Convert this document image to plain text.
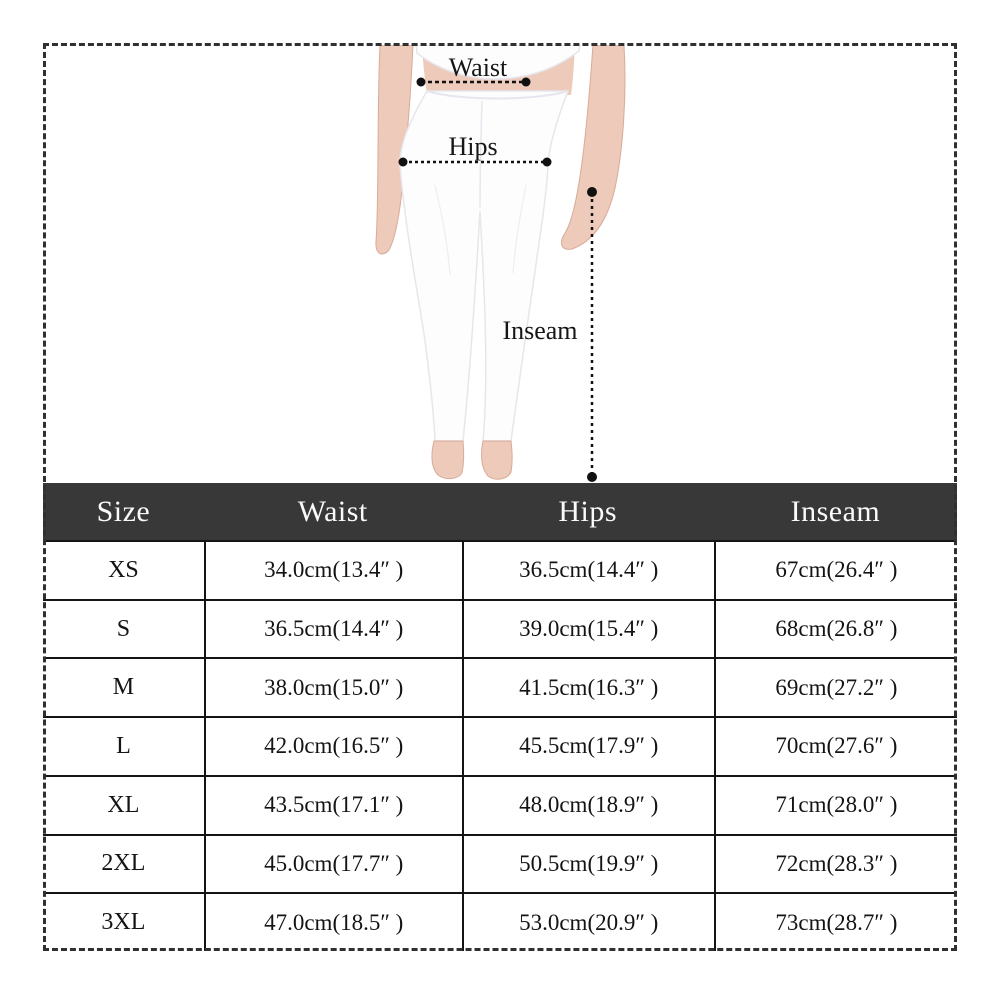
Waist
Hips
Inseam
Size	Waist	Hips	Inseam
XS	34.0cm(13.4″ )	36.5cm(14.4″ )	67cm(26.4″ )
S	36.5cm(14.4″ )	39.0cm(15.4″ )	68cm(26.8″ )
M	38.0cm(15.0″ )	41.5cm(16.3″ )	69cm(27.2″ )
L	42.0cm(16.5″ )	45.5cm(17.9″ )	70cm(27.6″ )
XL	43.5cm(17.1″ )	48.0cm(18.9″ )	71cm(28.0″ )
2XL	45.0cm(17.7″ )	50.5cm(19.9″ )	72cm(28.3″ )
3XL	47.0cm(18.5″ )	53.0cm(20.9″ )	73cm(28.7″ )
